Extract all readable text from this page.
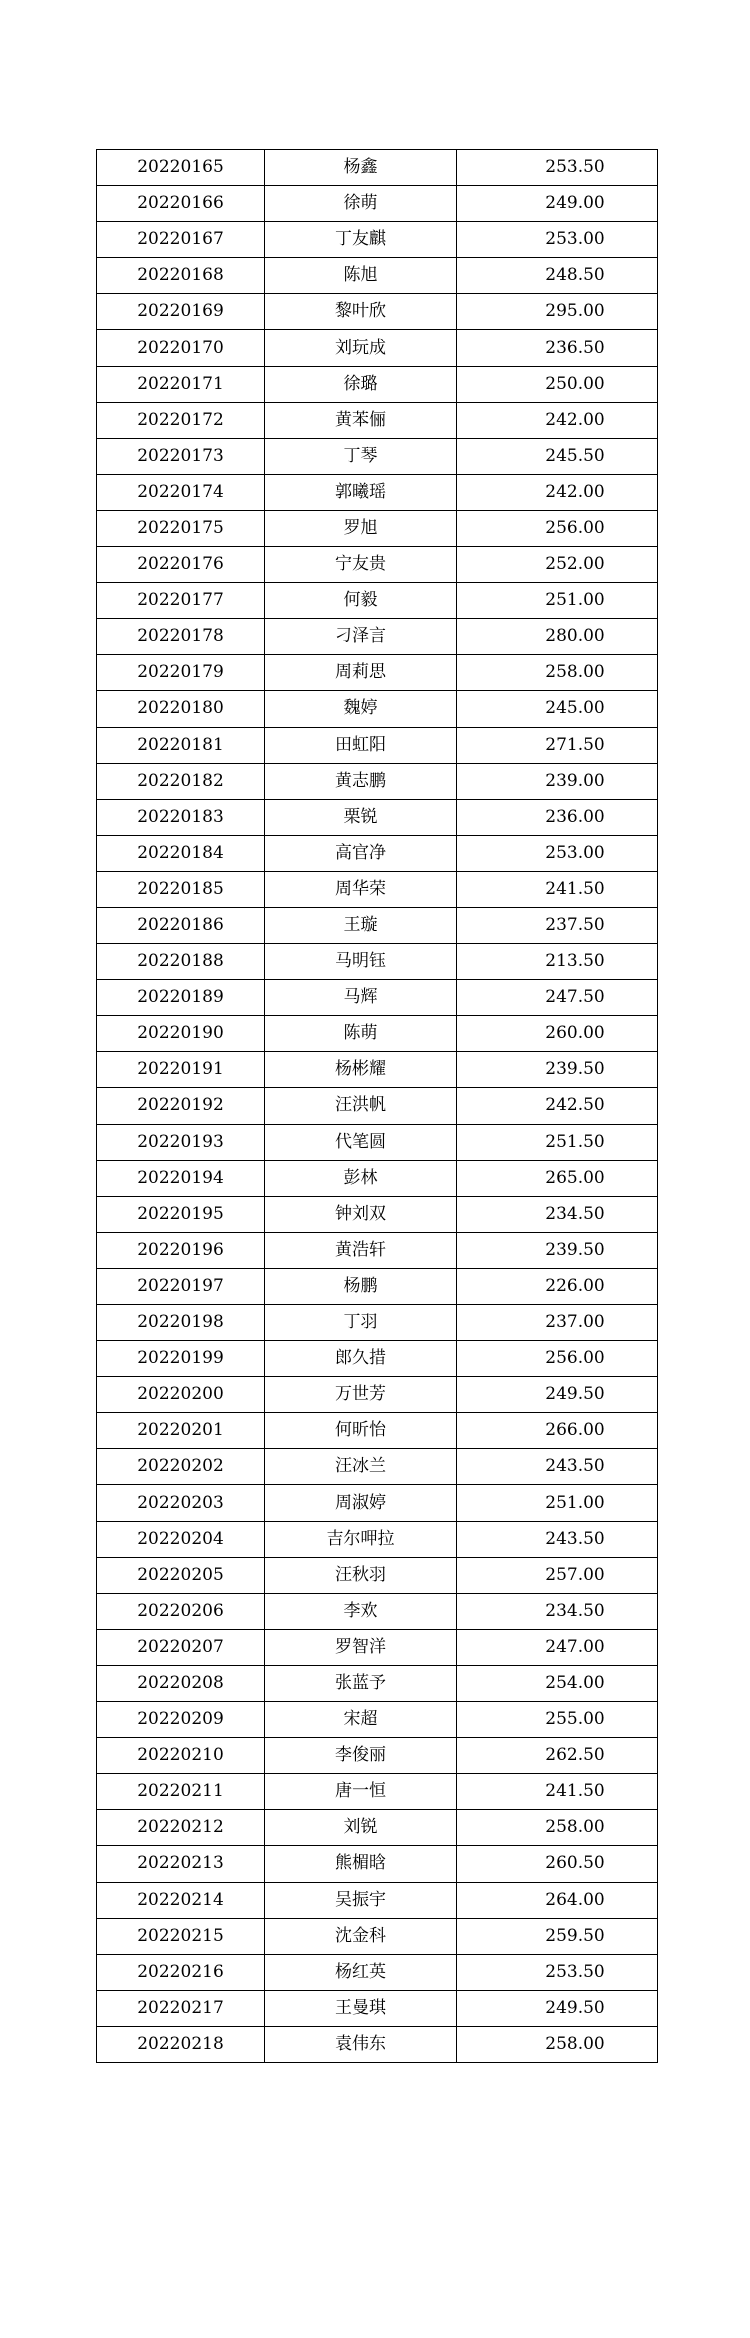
20220165	杨鑫	253.50
20220166	徐萌	249.00
20220167	丁友麒	253.00
20220168	陈旭	248.50
20220169	黎叶欣	295.00
20220170	刘玩成	236.50
20220171	徐璐	250.00
20220172	黄苯俪	242.00
20220173	丁琴	245.50
20220174	郭曦瑶	242.00
20220175	罗旭	256.00
20220176	宁友贵	252.00
20220177	何毅	251.00
20220178	刁泽言	280.00
20220179	周莉思	258.00
20220180	魏婷	245.00
20220181	田虹阳	271.50
20220182	黄志鹏	239.00
20220183	栗锐	236.00
20220184	高官净	253.00
20220185	周华荣	241.50
20220186	王璇	237.50
20220188	马明钰	213.50
20220189	马辉	247.50
20220190	陈萌	260.00
20220191	杨彬耀	239.50
20220192	汪洪帆	242.50
20220193	代笔圆	251.50
20220194	彭林	265.00
20220195	钟刘双	234.50
20220196	黄浩轩	239.50
20220197	杨鹏	226.00
20220198	丁羽	237.00
20220199	郎久措	256.00
20220200	万世芳	249.50
20220201	何昕怡	266.00
20220202	汪冰兰	243.50
20220203	周淑婷	251.00
20220204	吉尔呷拉	243.50
20220205	汪秋羽	257.00
20220206	李欢	234.50
20220207	罗智洋	247.00
20220208	张蓝予	254.00
20220209	宋超	255.00
20220210	李俊丽	262.50
20220211	唐一恒	241.50
20220212	刘锐	258.00
20220213	熊楣晗	260.50
20220214	吴振宇	264.00
20220215	沈金科	259.50
20220216	杨红英	253.50
20220217	王曼琪	249.50
20220218	袁伟东	258.00
